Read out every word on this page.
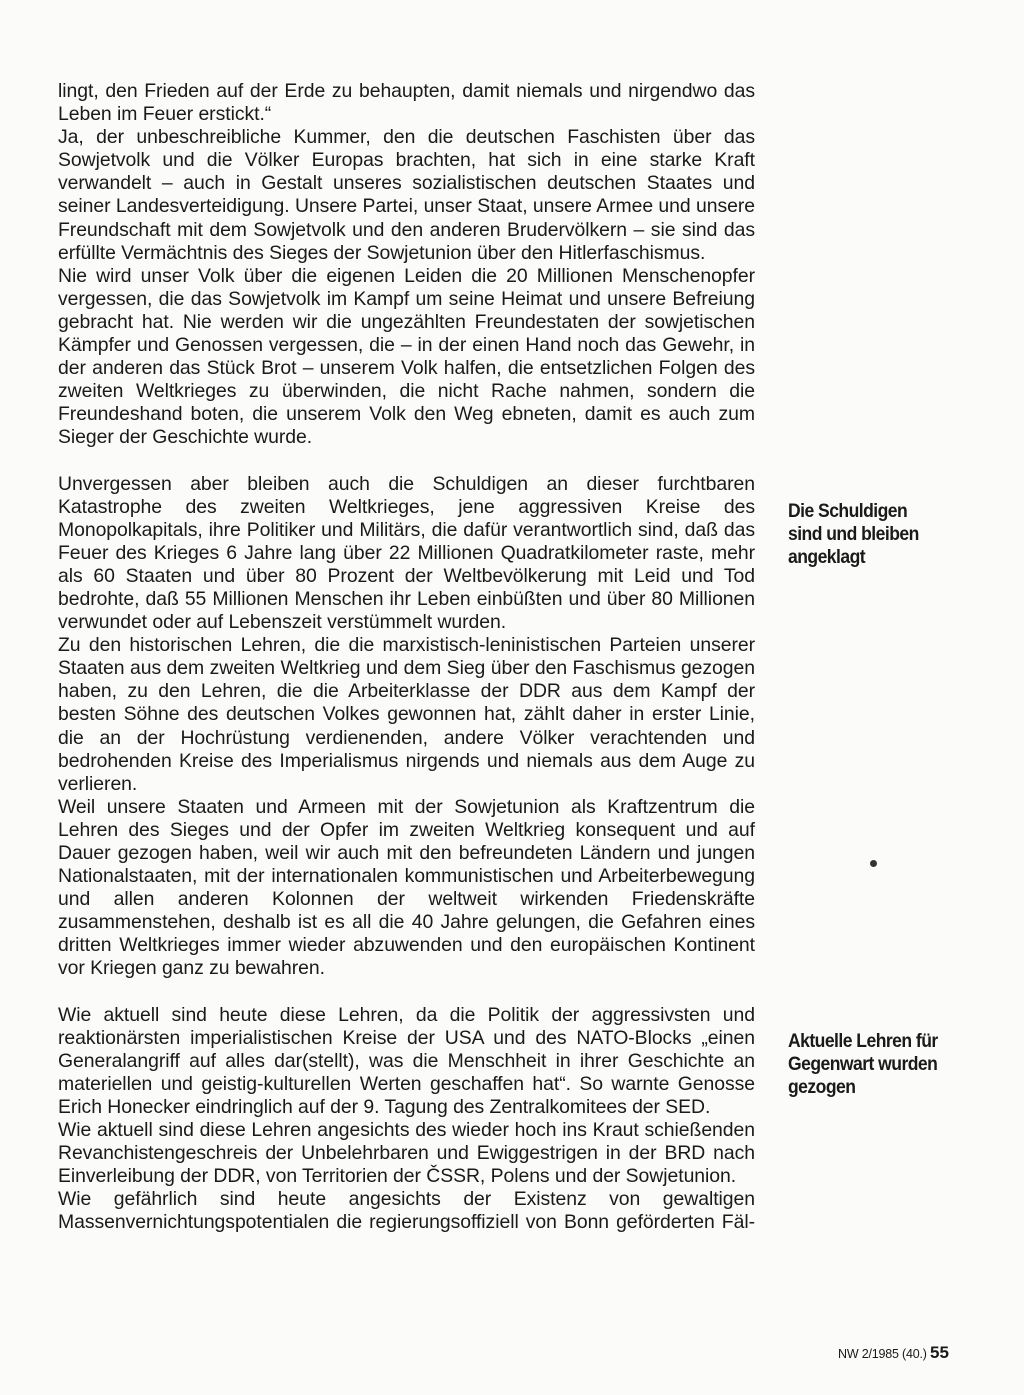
lingt, den Frieden auf der Erde zu behaupten, damit niemals und nirgendwo das Leben im Feuer erstickt.“

Ja, der unbeschreibliche Kummer, den die deutschen Faschisten über das Sowjetvolk und die Völker Europas brachten, hat sich in eine starke Kraft verwandelt – auch in Gestalt unseres sozialistischen deutschen Staates und seiner Landesverteidigung. Unsere Partei, unser Staat, unsere Armee und unsere Freundschaft mit dem Sowjetvolk und den anderen Brudervölkern – sie sind das erfüllte Vermächtnis des Sieges der Sowjetunion über den Hitlerfaschismus.

Nie wird unser Volk über die eigenen Leiden die 20 Millionen Menschenopfer vergessen, die das Sowjetvolk im Kampf um seine Heimat und unsere Befreiung gebracht hat. Nie werden wir die ungezählten Freundestaten der sowjetischen Kämpfer und Genossen vergessen, die – in der einen Hand noch das Gewehr, in der anderen das Stück Brot – unserem Volk halfen, die entsetzlichen Folgen des zweiten Weltkrieges zu überwinden, die nicht Rache nahmen, sondern die Freundeshand boten, die unserem Volk den Weg ebneten, damit es auch zum Sieger der Geschichte wurde.

Unvergessen aber bleiben auch die Schuldigen an dieser furchtbaren Katastrophe des zweiten Weltkrieges, jene aggressiven Kreise des Monopolkapitals, ihre Politiker und Militärs, die dafür verantwortlich sind, daß das Feuer des Krieges 6 Jahre lang über 22 Millionen Quadratkilometer raste, mehr als 60 Staaten und über 80 Prozent der Weltbevölkerung mit Leid und Tod bedrohte, daß 55 Millionen Menschen ihr Leben einbüßten und über 80 Millionen verwundet oder auf Lebenszeit verstümmelt wurden.

Zu den historischen Lehren, die die marxistisch-leninistischen Parteien unserer Staaten aus dem zweiten Weltkrieg und dem Sieg über den Faschismus gezogen haben, zu den Lehren, die die Arbeiterklasse der DDR aus dem Kampf der besten Söhne des deutschen Volkes gewonnen hat, zählt daher in erster Linie, die an der Hochrüstung verdienenden, andere Völker verachtenden und bedrohenden Kreise des Imperialismus nirgends und niemals aus dem Auge zu verlieren.

Weil unsere Staaten und Armeen mit der Sowjetunion als Kraftzentrum die Lehren des Sieges und der Opfer im zweiten Weltkrieg konsequent und auf Dauer gezogen haben, weil wir auch mit den befreundeten Ländern und jungen Nationalstaaten, mit der internationalen kommunistischen und Arbeiterbewegung und allen anderen Kolonnen der weltweit wirkenden Friedenskräfte zusammenstehen, deshalb ist es all die 40 Jahre gelungen, die Gefahren eines dritten Weltkrieges immer wieder abzuwenden und den europäischen Kontinent vor Kriegen ganz zu bewahren.

Wie aktuell sind heute diese Lehren, da die Politik der aggressivsten und reaktionärsten imperialistischen Kreise der USA und des NATO-Blocks „einen Generalangriff auf alles dar(stellt), was die Menschheit in ihrer Geschichte an materiellen und geistig-kulturellen Werten geschaffen hat“. So warnte Genosse Erich Honecker eindringlich auf der 9. Tagung des Zentralkomitees der SED.

Wie aktuell sind diese Lehren angesichts des wieder hoch ins Kraut schießenden Revanchistengeschreis der Unbelehrbaren und Ewiggestrigen in der BRD nach Einverleibung der DDR, von Territorien der ČSSR, Polens und der Sowjetunion.

Wie gefährlich sind heute angesichts der Existenz von gewaltigen Massenvernichtungspotentialen die regierungsoffiziell von Bonn geförderten Fäl-

Die Schuldigen sind und bleiben angeklagt
Aktuelle Lehren für Gegenwart wurden gezogen
NW 2/1985 (40.) 55
